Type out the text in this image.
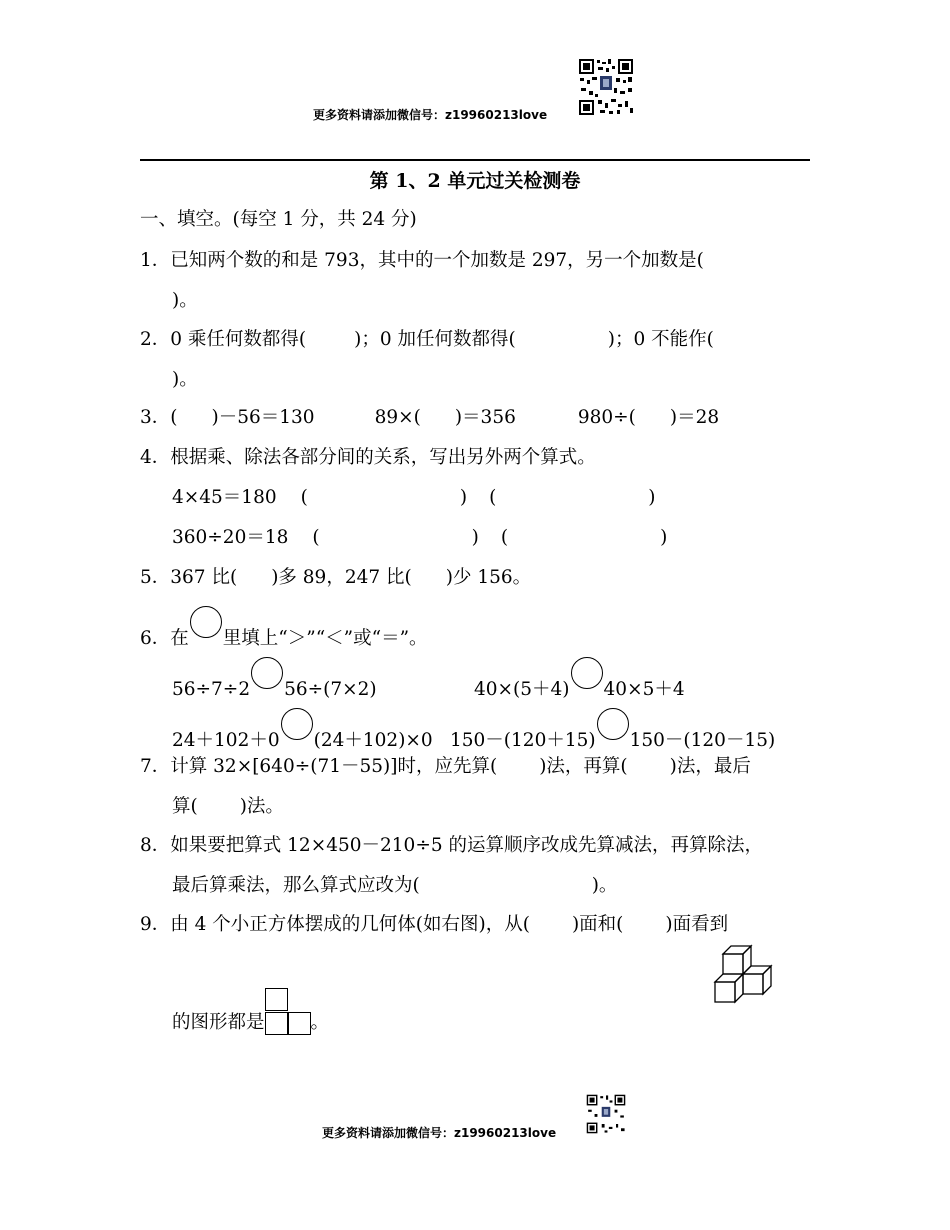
更多资料请添加微信号：z19960213love
第 1、2 单元过关检测卷
一、填空。(每空 1 分，共 24 分)
1．已知两个数的和是 793，其中的一个加数是 297，另一个加数是(
)。
2．0 乘任何数都得(	)；0 加任何数都得(	)；0 不能作(
)。
3．( )－56＝130	89×( )＝356	980÷( )＝28
4．根据乘、除法各部分间的关系，写出另外两个算式。
4×45＝180 (	) (	)
360÷20＝18 (	) (	)
5．367 比( )多 89，247 比( )少 156。
6．在 里填上“＞”“＜”或“＝”。
56÷7÷2 56÷(7×2)	40×(5＋4) 40×5＋4
24＋102＋0 (24＋102)×0 150－(120＋15) 150－(120－15)
7．计算 32×[640÷(71－55)]时，应先算( )法，再算( )法，最后
算( )法。
8．如果要把算式 12×450－210÷5 的运算顺序改成先算减法，再算除法，
最后算乘法，那么算式应改为(	)。
9．由 4 个小正方体摆成的几何体(如右图)，从( )面和( )面看到
的图形都是 。
更多资料请添加微信号：z19960213love
